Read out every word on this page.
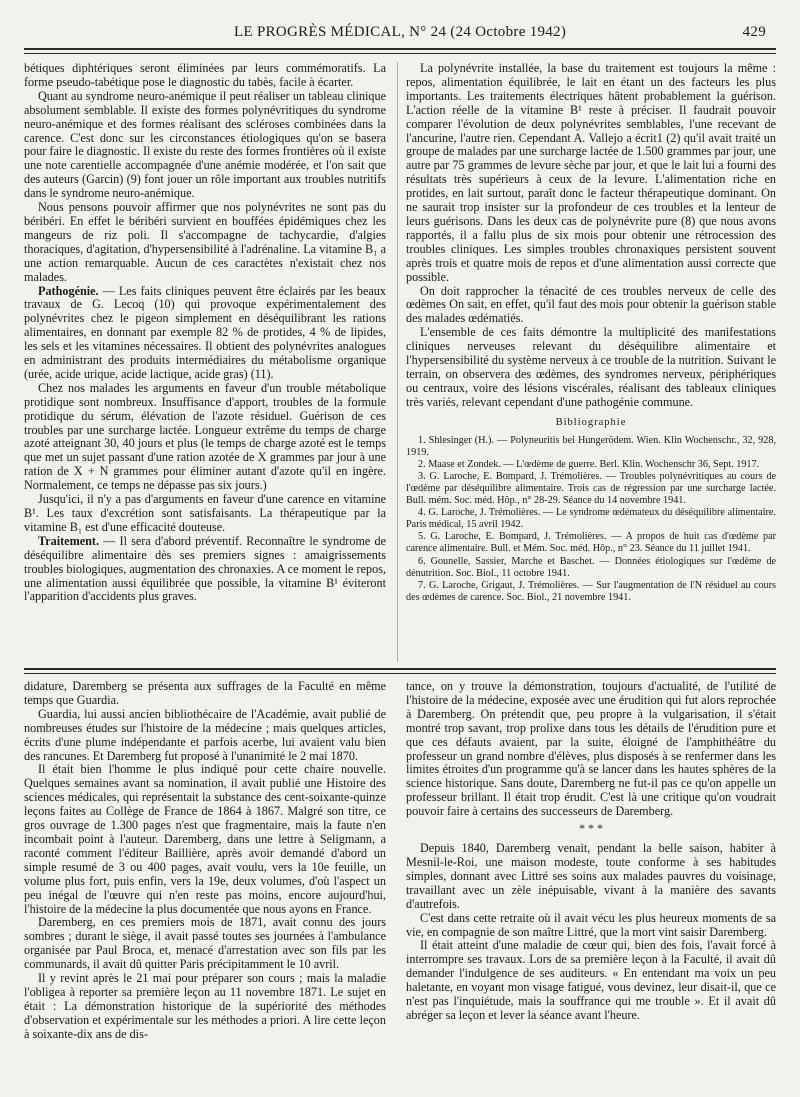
LE PROGRÈS MÉDICAL, N° 24 (24 Octobre 1942)	429

bétiques diphtériques seront éliminées par leurs commémoratifs. La forme pseudo-tabétique pose le diagnostic du tabès, facile à écarter.

Quant au syndrome neuro-anémique il peut réaliser un tableau clinique absolument semblable. Il existe des formes polynévritiques du syndrome neuro-anémique et des formes réalisant des scléroses combinées dans la carence. C'est donc sur les circonstances étiologiques qu'on se basera pour faire le diagnostic. Il existe du reste des formes frontières où il existe une note carentielle accompagnée d'une anémie modérée, et l'on sait que des auteurs (Garcin) (9) font jouer un rôle important aux troubles nutritifs dans le syndrome neuro-anémique.

Nous pensons pouvoir affirmer que nos polynévrites ne sont pas du béribéri. En effet le béribéri survient en bouffées épidémiques chez les mangeurs de riz poli. Il s'accompagne de tachycardie, d'algies thoraciques, d'agitation, d'hypersensibilité à l'adrénaline. La vitamine B₁ a une action remarquable. Aucun de ces caractètes n'existait chez nos malades.

Pathogénie. — Les faits cliniques peuvent être éclairés par les beaux travaux de G. Lecoq (10) qui provoque expérimentalement des polynévrites chez le pigeon simplement en déséquilibrant les rations alimentaires, en donnant par exemple 82 % de protides, 4 % de lipides, les sels et les vitamines nécessaires. Il obtient des polynévrites analogues en administrant des produits intermédiaires du métabolisme organique (urée, acide urique, acide lactique, acide gras) (11).

Chez nos malades les arguments en faveur d'un trouble métabolique protidique sont nombreux. Insuffisance d'apport, troubles de la formule protidique du sérum, élévation de l'azote résiduel. Guérison de ces troubles par une surcharge lactée. Longueur extrême du temps de charge azoté atteignant 30, 40 jours et plus (le temps de charge azoté est le temps que met un sujet passant d'une ration azotée de X grammes par jour à une ration de X + N grammes pour éliminer autant d'azote qu'il en ingère. Normalement, ce temps ne dépasse pas six jours.)

Jusqu'ici, il n'y a pas d'arguments en faveur d'une carence en vitamine B¹. Les taux d'excrétion sont satisfaisants. La thérapeutique par la vitamine B₁ est d'une efficacité douteuse.

Traitement. — Il sera d'abord préventif. Reconnaître le syndrome de déséquilibre alimentaire dès ses premiers signes : amaigrissements troubles biologiques, augmentation des chronaxies. A ce moment le repos, une alimentation aussi équilibrée que possible, la vitamine B¹ éviteront l'apparition d'accidents plus graves.

La polynévrite installée, la base du traitement est toujours la même : repos, alimentation équilibrée, le lait en étant un des facteurs les plus importants. Les traitements électriques hâtent probablement la guérison. L'action réelle de la vitamine B¹ reste à préciser. Il faudrait pouvoir comparer l'évolution de deux polynévrites semblables, l'une recevant de l'ancurine, l'autre rien. Cependant A. Vallejo a écrit1 (2) qu'il avait traité un groupe de malades par une surcharge lactée de 1.500 grammes par jour, une autre par 75 grammes de levure sèche par jour, et que le lait lui a fourni des résultats très supérieurs à ceux de la levure. L'alimentation riche en protides, en lait surtout, paraît donc le facteur thérapeutique dominant. On ne saurait trop insister sur la profondeur de ces troubles et la lenteur de leurs guérisons. Dans les deux cas de polynévrite pure (8) que nous avons rapportés, il a fallu plus de six mois pour obtenir une rétrocession des troubles cliniques. Les simples troubles chronaxiques persistent souvent après trois et quatre mois de repos et d'une alimentation aussi correcte que possible.

On doit rapprocher la ténacité de ces troubles nerveux de celle des œdèmes On sait, en effet, qu'il faut des mois pour obtenir la guérison stable des malades œdématiés.

L'ensemble de ces faits démontre la multiplicité des manifestations cliniques nerveuses relevant du déséquilibre alimentaire et l'hypersensibilité du système nerveux à ce trouble de la nutrition. Suivant le terrain, on observera des œdèmes, des syndromes nerveux, périphériques ou centraux, voire des lésions viscérales, réalisant des tableaux cliniques très variés, relevant cependant d'une pathogénie commune.

Bibliographie

1. Shlesinger (H.). — Polyneuritis bei Hungerödem. Wien. Klin Wochenschr., 32, 928, 1919.

2. Maase et Zondek. — L'œdème de guerre. Berl. Klin. Wochenschr 36, Sept. 1917.

3. G. Laroche, E. Bompard, J. Trémolières. — Troubles polynévritiques au cours de l'œdème par déséquilibre alimentaire. Trois cas de régression par une surcharge lactée. Bull. mém. Soc. méd. Hôp., n° 28-29. Séance du 14 novembre 1941.

4. G. Laroche, J. Trémolières. — Le syndrome œdémateux du déséquilibre alimentaire. Paris médical, 15 avril 1942.

5. G. Laroche, E. Bompard, J. Trémolières. — A propos de huit cas d'œdème par carence alimentaire. Bull. et Mém. Soc. méd. Hôp., n° 23. Séance du 11 juillet 1941.

6. Gounelle, Sassier, Marche et Baschet. — Données étiologiques sur l'œdème de dénutrition. Soc. Biol., 11 octobre 1941.

7. G. Laroche, Grigaut, J. Trémolières. — Sur l'augmentation de l'N résiduel au cours des œdèmes de carence. Soc. Biol., 21 novembre 1941.

didature, Daremberg se présenta aux suffrages de la Faculté en même temps que Guardia.

Guardia, lui aussi ancien bibliothécaire de l'Académie, avait publié de nombreuses études sur l'histoire de la médecine ; mais quelques articles, écrits d'une plume indépendante et parfois acerbe, lui avaient valu bien des rancunes. Et Daremberg fut proposé à l'unanimité le 2 mai 1870.

Il était bien l'homme le plus indiqué pour cette chaire nouvelle. Quelques semaines avant sa nomination, il avait publié une Histoire des sciences médicales, qui représentait la substance des cent-soixante-quinze leçons faites au Collège de France de 1864 à 1867. Malgré son titre, ce gros ouvrage de 1.300 pages n'est que fragmentaire, mais la faute n'en incombait point à l'auteur. Daremberg, dans une lettre à Seligmann, a raconté comment l'éditeur Baillière, après avoir demandé d'abord un simple resumé de 3 ou 400 pages, avait voulu, vers la 10e feuille, un volume plus fort, puis enfin, vers la 19e, deux volumes, d'où l'aspect un peu inégal de l'œuvre qui n'en reste pas moins, encore aujourd'hui, l'histoire de la médecine la plus documentée que nous ayons en France.

Daremberg, en ces premiers mois de 1871, avait connu des jours sombres ; durant le siège, il avait passé toutes ses journées à l'ambulance organisée par Paul Broca, et, menacé d'arrestation avec son fils par les communards, il avait dû quitter Paris précipitamment le 10 avril.

Il y revint après le 21 mai pour préparer son cours ; mais la maladie l'obligea à reporter sa première leçon au 11 novembre 1871. Le sujet en était : La démonstration historique de la supériorité des méthodes d'observation et expérimentale sur les méthodes a priori. A lire cette leçon à soixante-dix ans de dis-

tance, on y trouve la démonstration, toujours d'actualité, de l'utilité de l'histoire de la médecine, exposée avec une érudition qui fut alors reprochée à Daremberg. On prétendit que, peu propre à la vulgarisation, il s'était montré trop savant, trop prolixe dans tous les détails de l'érudition pure et que ces défauts avaient, par la suite, éloigné de l'amphithéâtre du professeur un grand nombre d'élèves, plus disposés à se renfermer dans les limites étroites d'un programme qu'à se lancer dans les hautes sphères de la science historique. Sans doute, Daremberg ne fut-il pas ce qu'on appelle un professeur brillant. Il était trop érudit. C'est là une critique qu'on voudrait pouvoir faire à certains des successeurs de Daremberg.

* * *

Depuis 1840, Daremberg venait, pendant la belle saison, habiter à Mesnil-le-Roi, une maison modeste, toute conforme à ses habitudes simples, donnant avec Littré ses soins aux malades pauvres du voisinage, travaillant avec un zèle inépuisable, vivant à la manière des savants d'autrefois.

C'est dans cette retraite où il avait vécu les plus heureux moments de sa vie, en compagnie de son maître Littré, que la mort vint saisir Daremberg.

Il était atteint d'une maladie de cœur qui, bien des fois, l'avait forcé à interrompre ses travaux. Lors de sa première leçon à la Faculté, il avait dû demander l'indulgence de ses auditeurs. « En entendant ma voix un peu haletante, en voyant mon visage fatigué, vous devinez, leur disait-il, que ce n'est pas l'inquiétude, mais la souffrance qui me trouble ». Et il avait dû abréger sa leçon et lever la séance avant l'heure.
